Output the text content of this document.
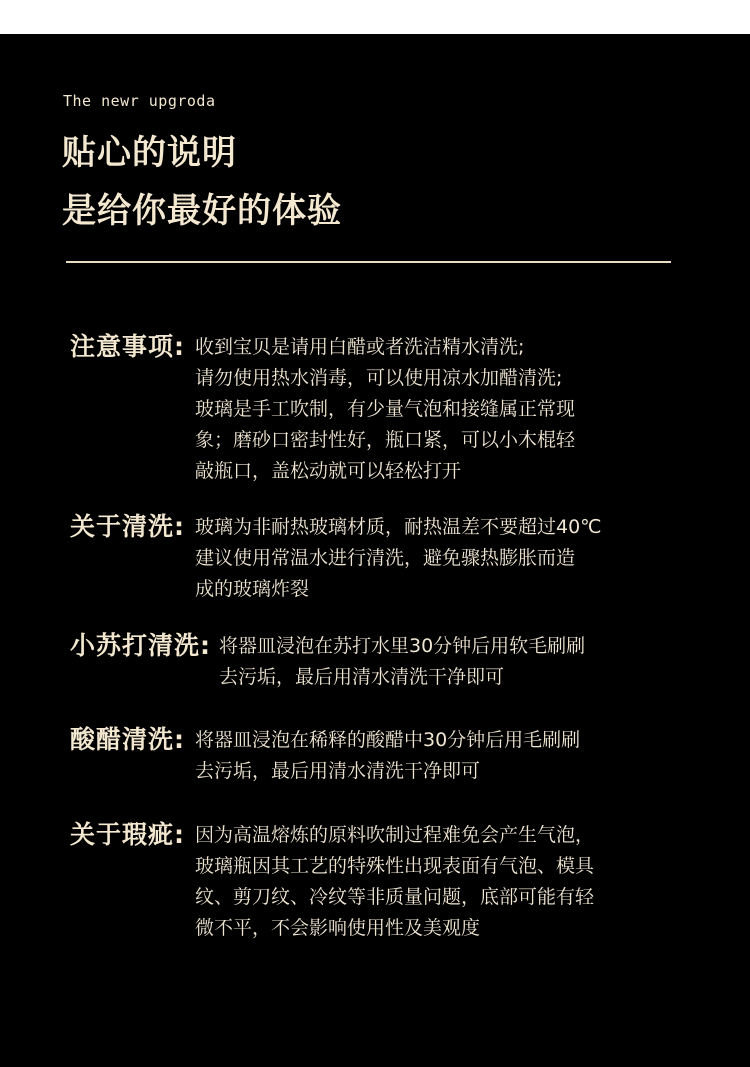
The newr upgroda
贴心的说明
是给你最好的体验
注意事项: 收到宝贝是请用白醋或者洗洁精水清洗;
请勿使用热水消毒，可以使用凉水加醋清洗;
玻璃是手工吹制，有少量气泡和接缝属正常现
象；磨砂口密封性好，瓶口紧，可以小木棍轻
敲瓶口，盖松动就可以轻松打开
关于清洗: 玻璃为非耐热玻璃材质，耐热温差不要超过40℃
建议使用常温水进行清洗，避免骤热膨胀而造
成的玻璃炸裂
小苏打清洗: 将器皿浸泡在苏打水里30分钟后用软毛刷刷
去污垢，最后用清水清洗干净即可
酸醋清洗: 将器皿浸泡在稀释的酸醋中30分钟后用毛刷刷
去污垢，最后用清水清洗干净即可
关于瑕疵: 因为高温熔炼的原料吹制过程难免会产生气泡，
玻璃瓶因其工艺的特殊性出现表面有气泡、模具
纹、剪刀纹、冷纹等非质量问题，底部可能有轻
微不平，不会影响使用性及美观度
